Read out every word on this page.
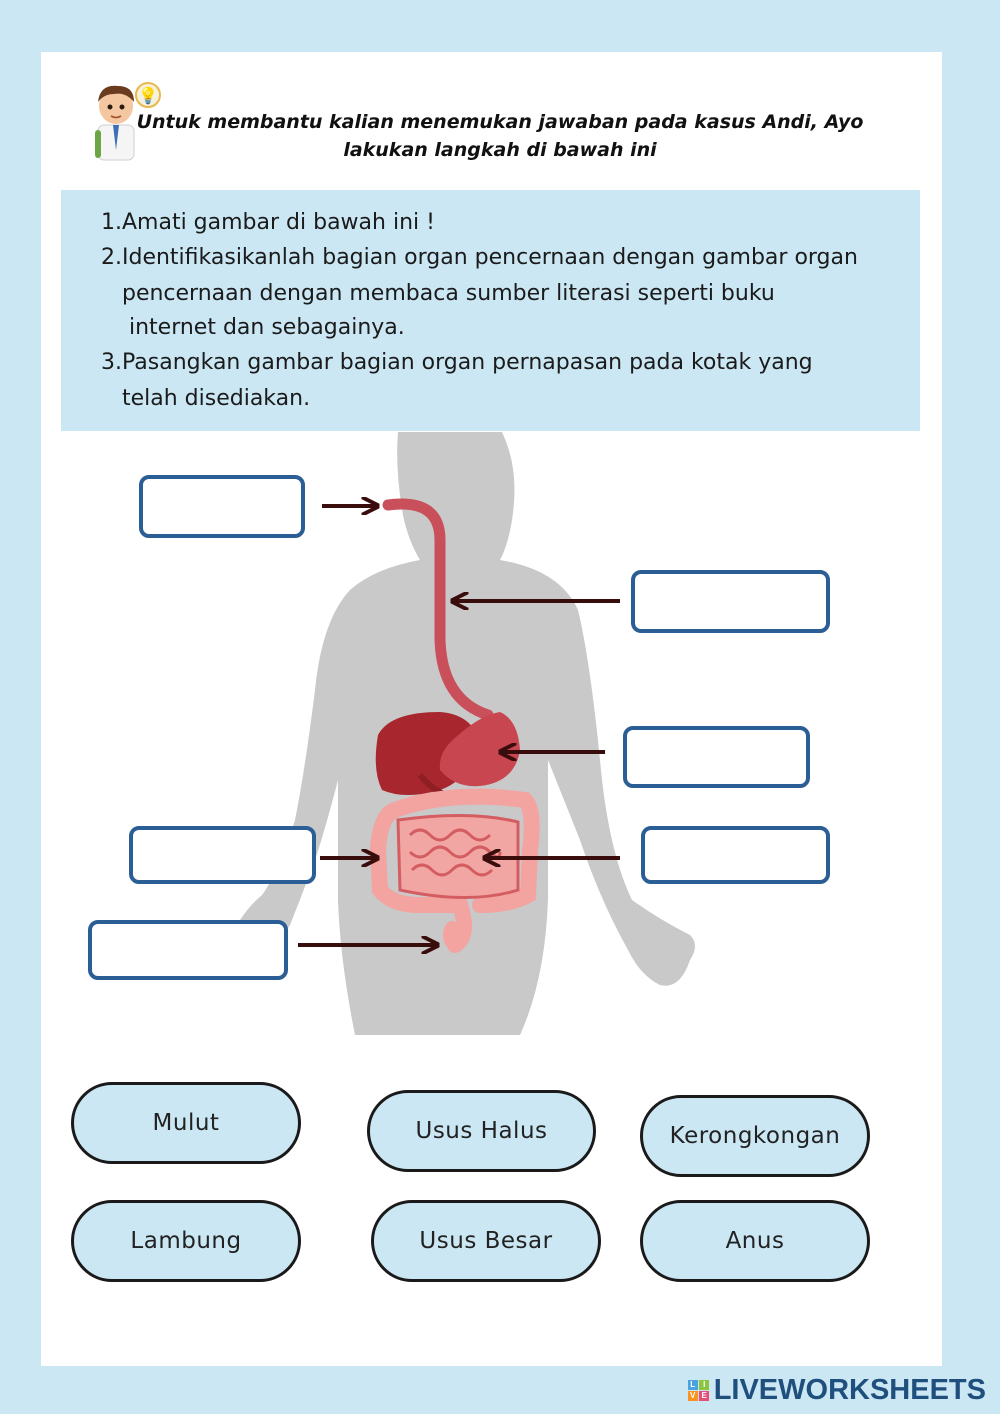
💡
Untuk membantu kalian menemukan jawaban pada kasus Andi, Ayo
lakukan langkah di bawah ini
1.Amati gambar di bawah ini !
2.Identifikasikanlah bagian organ pencernaan dengan gambar organ
pencernaan dengan membaca sumber literasi seperti buku
internet dan sebagainya.
3.Pasangkan gambar bagian organ pernapasan pada kotak yang
telah disediakan.
Mulut	Usus Halus	Kerongkongan
Lambung	Usus Besar	Anus
L I
V E LIVEWORKSHEETS
